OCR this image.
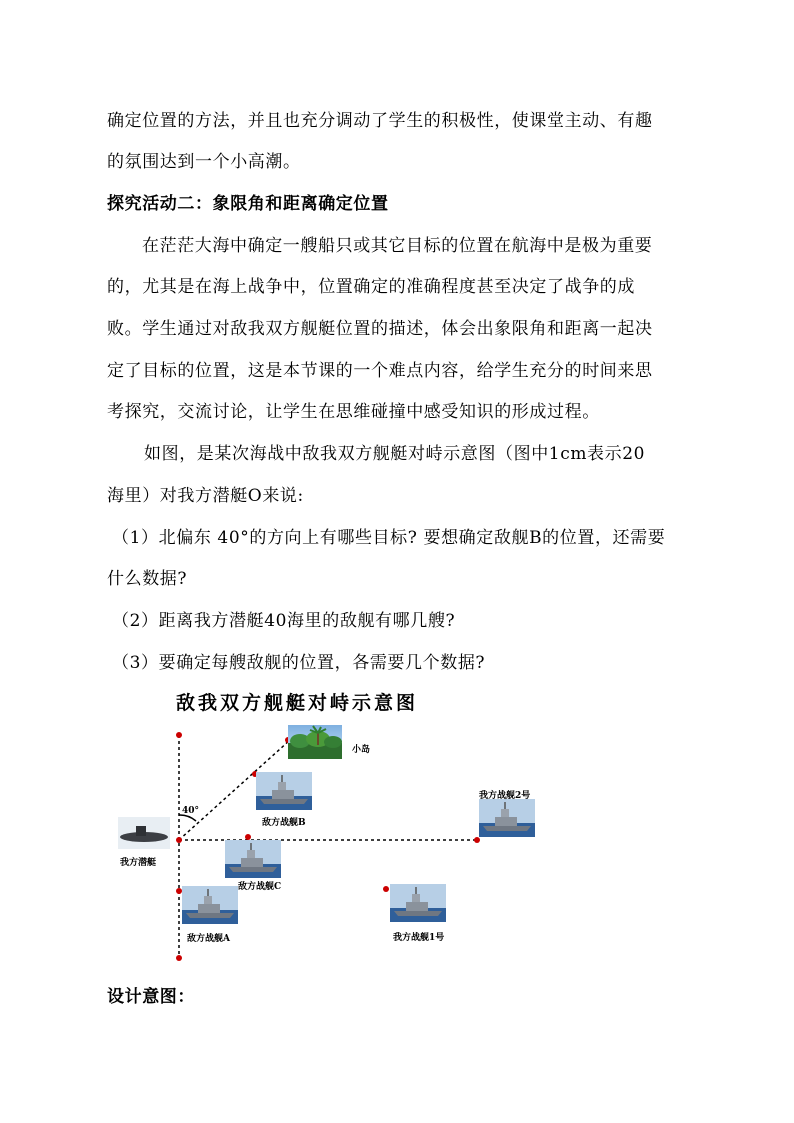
确定位置的方法，并且也充分调动了学生的积极性，使课堂主动、有趣
的氛围达到一个小高潮。
探究活动二：象限角和距离确定位置
在茫茫大海中确定一艘船只或其它目标的位置在航海中是极为重要
的，尤其是在海上战争中，位置确定的准确程度甚至决定了战争的成
败。学生通过对敌我双方舰艇位置的描述，体会出象限角和距离一起决
定了目标的位置，这是本节课的一个难点内容，给学生充分的时间来思
考探究，交流讨论，让学生在思维碰撞中感受知识的形成过程。
如图，是某次海战中敌我双方舰艇对峙示意图（图中1cm表示20
海里）对我方潜艇O来说:
（1）北偏东 40°的方向上有哪些目标? 要想确定敌舰B的位置，还需要
什么数据?
（2）距离我方潜艇40海里的敌舰有哪几艘?
（3）要确定每艘敌舰的位置，各需要几个数据?
敌我双方舰艇对峙示意图
40°
小岛
敌方战舰B
我方战舰2号
我方潜艇
敌方战舰C
敌方战舰A	我方战舰1号
设计意图：
